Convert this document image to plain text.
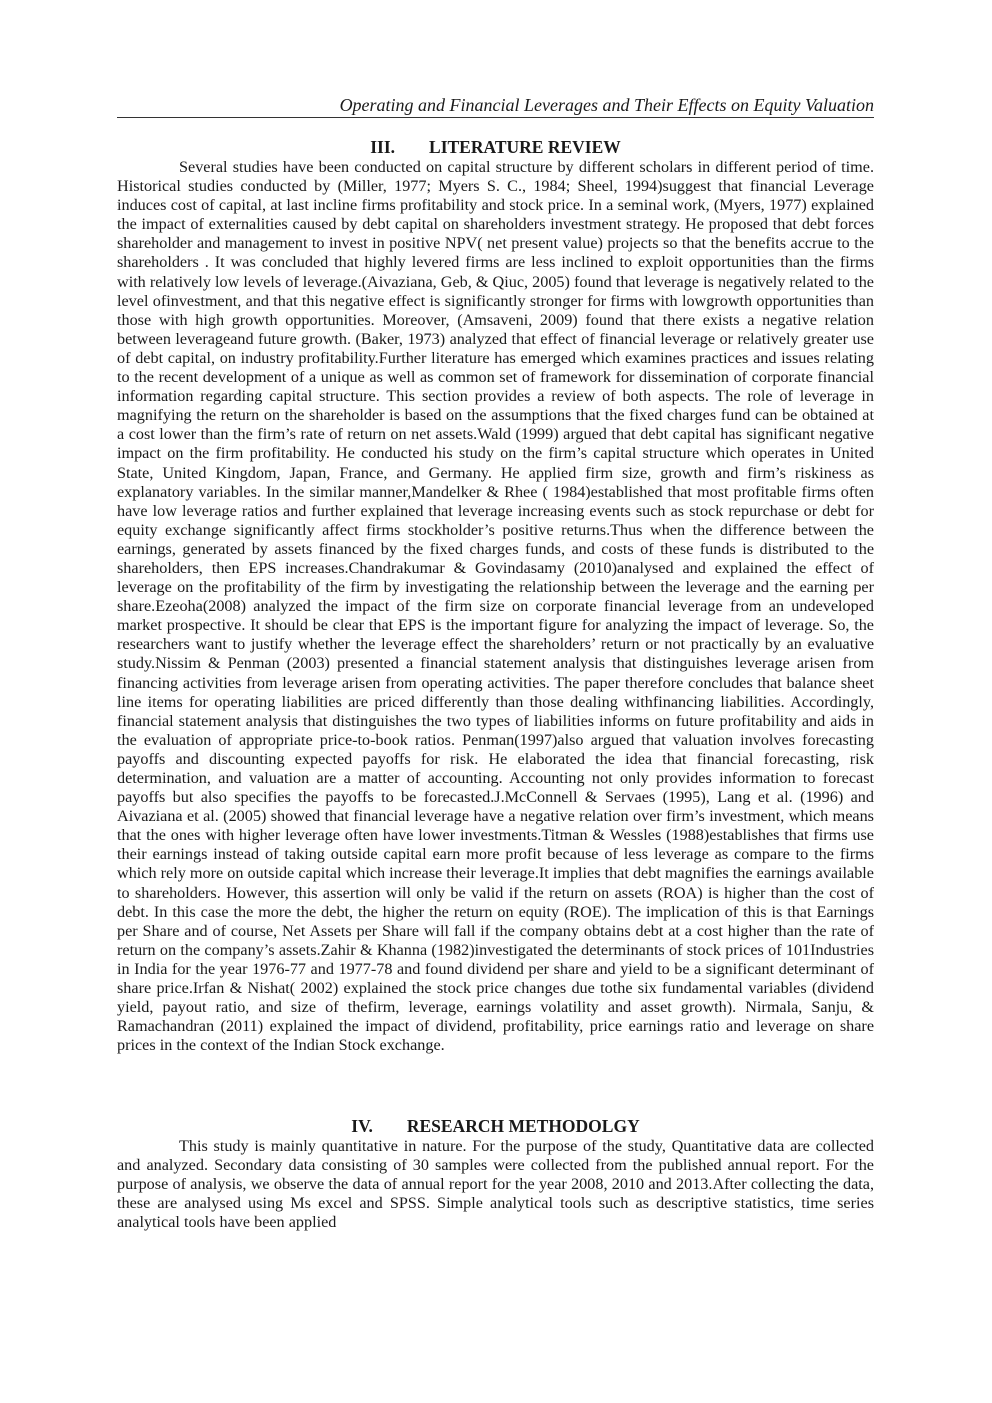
Operating and Financial Leverages and Their Effects on Equity Valuation
III. LITERATURE REVIEW

Several studies have been conducted on capital structure by different scholars in different period of time. Historical studies conducted by (Miller, 1977; Myers S. C., 1984; Sheel, 1994)suggest that financial Leverage induces cost of capital, at last incline firms profitability and stock price. In a seminal work, (Myers, 1977) explained the impact of externalities caused by debt capital on shareholders investment strategy. He proposed that debt forces shareholder and management to invest in positive NPV( net present value) projects so that the benefits accrue to the shareholders . It was concluded that highly levered firms are less inclined to exploit opportunities than the firms with relatively low levels of leverage.(Aivaziana, Geb, & Qiuc, 2005) found that leverage is negatively related to the level ofinvestment, and that this negative effect is significantly stronger for firms with lowgrowth opportunities than those with high growth opportunities. Moreover, (Amsaveni, 2009) found that there exists a negative relation between leverageand future growth. (Baker, 1973) analyzed that effect of financial leverage or relatively greater use of debt capital, on industry profitability.Further literature has emerged which examines practices and issues relating to the recent development of a unique as well as common set of framework for dissemination of corporate financial information regarding capital structure. This section provides a review of both aspects. The role of leverage in magnifying the return on the shareholder is based on the assumptions that the fixed charges fund can be obtained at a cost lower than the firm’s rate of return on net assets.Wald (1999) argued that debt capital has significant negative impact on the firm profitability. He conducted his study on the firm’s capital structure which operates in United State, United Kingdom, Japan, France, and Germany. He applied firm size, growth and firm’s riskiness as explanatory variables. In the similar manner,Mandelker & Rhee ( 1984)established that most profitable firms often have low leverage ratios and further explained that leverage increasing events such as stock repurchase or debt for equity exchange significantly affect firms stockholder’s positive returns.Thus when the difference between the earnings, generated by assets financed by the fixed charges funds, and costs of these funds is distributed to the shareholders, then EPS increases.Chandrakumar & Govindasamy (2010)analysed and explained the effect of leverage on the profitability of the firm by investigating the relationship between the leverage and the earning per share.Ezeoha(2008) analyzed the impact of the firm size on corporate financial leverage from an undeveloped market prospective. It should be clear that EPS is the important figure for analyzing the impact of leverage. So, the researchers want to justify whether the leverage effect the shareholders’ return or not practically by an evaluative study.Nissim & Penman (2003) presented a financial statement analysis that distinguishes leverage arisen from financing activities from leverage arisen from operating activities. The paper therefore concludes that balance sheet line items for operating liabilities are priced differently than those dealing withfinancing liabilities. Accordingly, financial statement analysis that distinguishes the two types of liabilities informs on future profitability and aids in the evaluation of appropriate price-to-book ratios. Penman(1997)also argued that valuation involves forecasting payoffs and discounting expected payoffs for risk. He elaborated the idea that financial forecasting, risk determination, and valuation are a matter of accounting. Accounting not only provides information to forecast payoffs but also specifies the payoffs to be forecasted.J.McConnell & Servaes (1995), Lang et al. (1996) and Aivaziana et al. (2005) showed that financial leverage have a negative relation over firm’s investment, which means that the ones with higher leverage often have lower investments.Titman & Wessles (1988)establishes that firms use their earnings instead of taking outside capital earn more profit because of less leverage as compare to the firms which rely more on outside capital which increase their leverage.It implies that debt magnifies the earnings available to shareholders. However, this assertion will only be valid if the return on assets (ROA) is higher than the cost of debt. In this case the more the debt, the higher the return on equity (ROE). The implication of this is that Earnings per Share and of course, Net Assets per Share will fall if the company obtains debt at a cost higher than the rate of return on the company’s assets.Zahir & Khanna (1982)investigated the determinants of stock prices of 101Industries in India for the year 1976-77 and 1977-78 and found dividend per share and yield to be a significant determinant of share price.Irfan & Nishat( 2002) explained the stock price changes due tothe six fundamental variables (dividend yield, payout ratio, and size of thefirm, leverage, earnings volatility and asset growth). Nirmala, Sanju, & Ramachandran (2011) explained the impact of dividend, profitability, price earnings ratio and leverage on share prices in the context of the Indian Stock exchange.

IV. RESEARCH METHODOLGY

This study is mainly quantitative in nature. For the purpose of the study, Quantitative data are collected and analyzed. Secondary data consisting of 30 samples were collected from the published annual report. For the purpose of analysis, we observe the data of annual report for the year 2008, 2010 and 2013.After collecting the data, these are analysed using Ms excel and SPSS. Simple analytical tools such as descriptive statistics, time series analytical tools have been applied
